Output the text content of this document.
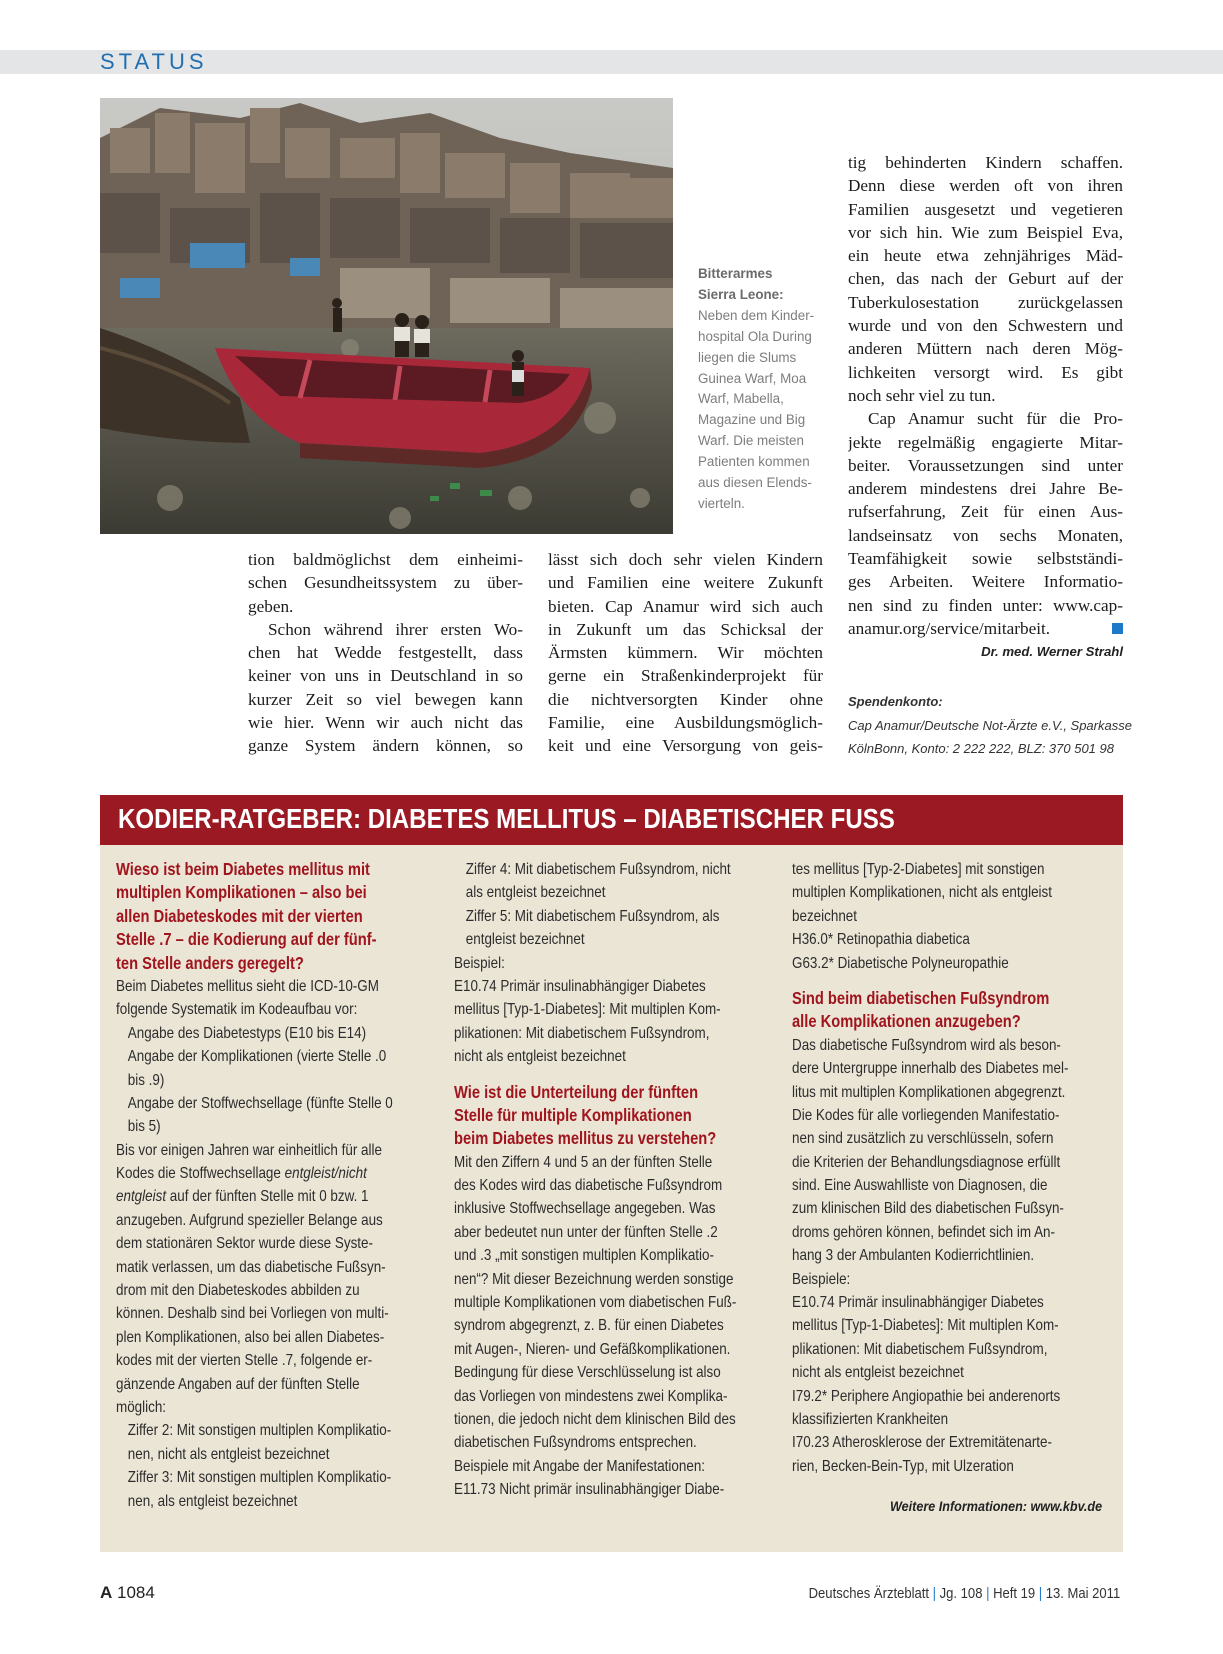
STATUS
Bitterarmes
Sierra Leone:
Neben dem Kinder-
hospital Ola During
liegen die Slums
Guinea Warf, Moa
Warf, Mabella,
Magazine und Big
Warf. Die meisten
Patienten kommen
aus diesen Elends-
vierteln.
tion baldmöglichst dem einheimi-
schen Gesundheitssystem zu über-
geben.
Schon während ihrer ersten Wo-
chen hat Wedde festgestellt, dass
keiner von uns in Deutschland in so
kurzer Zeit so viel bewegen kann
wie hier. Wenn wir auch nicht das
ganze System ändern können, so
lässt sich doch sehr vielen Kindern
und Familien eine weitere Zukunft
bieten. Cap Anamur wird sich auch
in Zukunft um das Schicksal der
Ärmsten kümmern. Wir möchten
gerne ein Straßenkinderprojekt für
die nichtversorgten Kinder ohne
Familie, eine Ausbildungsmöglich-
keit und eine Versorgung von geis-
tig behinderten Kindern schaffen.
Denn diese werden oft von ihren
Familien ausgesetzt und vegetieren
vor sich hin. Wie zum Beispiel Eva,
ein heute etwa zehnjähriges Mäd-
chen, das nach der Geburt auf der
Tuberkulosestation zurückgelassen
wurde und von den Schwestern und
anderen Müttern nach deren Mög-
lichkeiten versorgt wird. Es gibt
noch sehr viel zu tun.
Cap Anamur sucht für die Pro-
jekte regelmäßig engagierte Mitar-
beiter. Voraussetzungen sind unter
anderem mindestens drei Jahre Be-
rufserfahrung, Zeit für einen Aus-
landseinsatz von sechs Monaten,
Teamfähigkeit sowie selbstständi-
ges Arbeiten. Weitere Informatio-
nen sind zu finden unter: www.cap-
anamur.org/service/mitarbeit.
Dr. med. Werner Strahl
Spendenkonto:
Cap Anamur/Deutsche Not-Ärzte e.V., Sparkasse
KölnBonn, Konto: 2 222 222, BLZ: 370 501 98
KODIER-RATGEBER: DIABETES MELLITUS – DIABETISCHER FUSS
Wieso ist beim Diabetes mellitus mit
multiplen Komplikationen – also bei
allen Diabeteskodes mit der vierten
Stelle .7 – die Kodierung auf der fünf-
ten Stelle anders geregelt?
Beim Diabetes mellitus sieht die ICD-10-GM
folgende Systematik im Kodeaufbau vor:
Angabe des Diabetestyps (E10 bis E14)
Angabe der Komplikationen (vierte Stelle .0
bis .9)
Angabe der Stoffwechsellage (fünfte Stelle 0
bis 5)
Bis vor einigen Jahren war einheitlich für alle
Kodes die Stoffwechsellage entgleist/nicht
entgleist auf der fünften Stelle mit 0 bzw. 1
anzugeben. Aufgrund spezieller Belange aus
dem stationären Sektor wurde diese Syste-
matik verlassen, um das diabetische Fußsyn-
drom mit den Diabeteskodes abbilden zu
können. Deshalb sind bei Vorliegen von multi-
plen Komplikationen, also bei allen Diabetes-
kodes mit der vierten Stelle .7, folgende er-
gänzende Angaben auf der fünften Stelle
möglich:
Ziffer 2: Mit sonstigen multiplen Komplikatio-
nen, nicht als entgleist bezeichnet
Ziffer 3: Mit sonstigen multiplen Komplikatio-
nen, als entgleist bezeichnet
Ziffer 4: Mit diabetischem Fußsyndrom, nicht
als entgleist bezeichnet
Ziffer 5: Mit diabetischem Fußsyndrom, als
entgleist bezeichnet
Beispiel:
E10.74 Primär insulinabhängiger Diabetes
mellitus [Typ-1-Diabetes]: Mit multiplen Kom-
plikationen: Mit diabetischem Fußsyndrom,
nicht als entgleist bezeichnet
Wie ist die Unterteilung der fünften
Stelle für multiple Komplikationen
beim Diabetes mellitus zu verstehen?
Mit den Ziffern 4 und 5 an der fünften Stelle
des Kodes wird das diabetische Fußsyndrom
inklusive Stoffwechsellage angegeben. Was
aber bedeutet nun unter der fünften Stelle .2
und .3 „mit sonstigen multiplen Komplikatio-
nen“? Mit dieser Bezeichnung werden sonstige
multiple Komplikationen vom diabetischen Fuß-
syndrom abgegrenzt, z. B. für einen Diabetes
mit Augen-, Nieren- und Gefäßkomplikationen.
Bedingung für diese Verschlüsselung ist also
das Vorliegen von mindestens zwei Komplika-
tionen, die jedoch nicht dem klinischen Bild des
diabetischen Fußsyndroms entsprechen.
Beispiele mit Angabe der Manifestationen:
E11.73 Nicht primär insulinabhängiger Diabe-
tes mellitus [Typ-2-Diabetes] mit sonstigen
multiplen Komplikationen, nicht als entgleist
bezeichnet
H36.0* Retinopathia diabetica
G63.2* Diabetische Polyneuropathie
Sind beim diabetischen Fußsyndrom
alle Komplikationen anzugeben?
Das diabetische Fußsyndrom wird als beson-
dere Untergruppe innerhalb des Diabetes mel-
litus mit multiplen Komplikationen abgegrenzt.
Die Kodes für alle vorliegenden Manifestatio-
nen sind zusätzlich zu verschlüsseln, sofern
die Kriterien der Behandlungsdiagnose erfüllt
sind. Eine Auswahlliste von Diagnosen, die
zum klinischen Bild des diabetischen Fußsyn-
droms gehören können, befindet sich im An-
hang 3 der Ambulanten Kodierrichtlinien.
Beispiele:
E10.74 Primär insulinabhängiger Diabetes
mellitus [Typ-1-Diabetes]: Mit multiplen Kom-
plikationen: Mit diabetischem Fußsyndrom,
nicht als entgleist bezeichnet
I79.2* Periphere Angiopathie bei anderenorts
klassifizierten Krankheiten
I70.23 Atherosklerose der Extremitätenarte-
rien, Becken-Bein-Typ, mit Ulzeration
Weitere Informationen: www.kbv.de
A 1084	Deutsches Ärzteblatt | Jg. 108 | Heft 19 | 13. Mai 2011
